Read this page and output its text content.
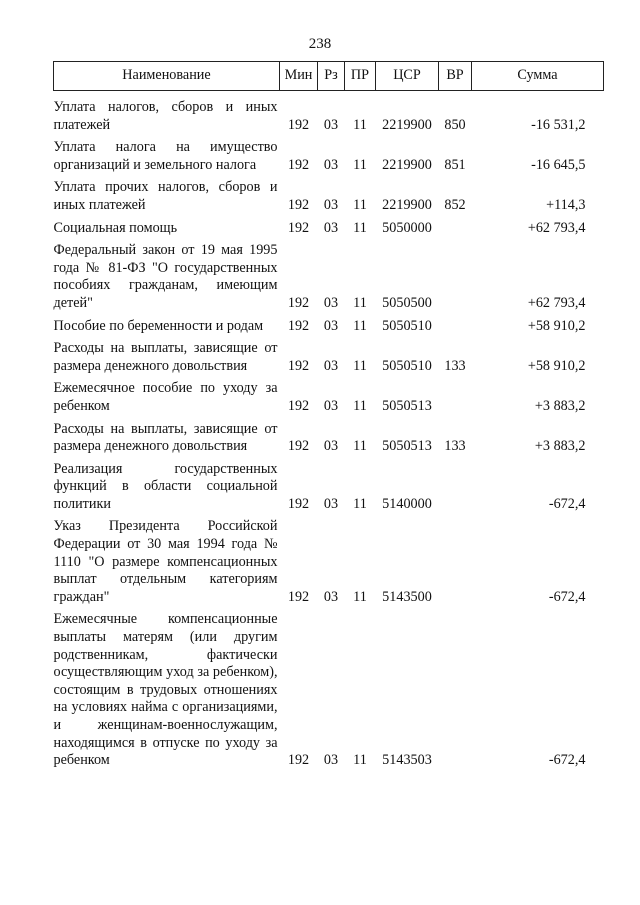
238
Наименование	Мин	Рз	ПР	ЦСР	ВР	Сумма
Уплата налогов, сборов и иных платежей	192	03	11	2219900	850	-16 531,2
Уплата налога на имущество организаций и земельного налога	192	03	11	2219900	851	-16 645,5
Уплата прочих налогов, сборов и иных платежей	192	03	11	2219900	852	+114,3
Социальная помощь	192	03	11	5050000		+62 793,4
Федеральный закон от 19 мая 1995 года № 81-ФЗ "О государственных пособиях гражданам, имеющим детей"	192	03	11	5050500		+62 793,4
Пособие по беременности и родам	192	03	11	5050510		+58 910,2
Расходы на выплаты, зависящие от размера денежного довольствия	192	03	11	5050510	133	+58 910,2
Ежемесячное пособие по уходу за ребенком	192	03	11	5050513		+3 883,2
Расходы на выплаты, зависящие от размера денежного довольствия	192	03	11	5050513	133	+3 883,2
Реализация государственных функций в области социальной политики	192	03	11	5140000		-672,4
Указ Президента Российской Федерации от 30 мая 1994 года № 1110 "О размере компенсационных выплат отдельным категориям граждан"	192	03	11	5143500		-672,4
Ежемесячные компенсационные выплаты матерям (или другим родственникам, фактически осуществляющим уход за ребенком), состоящим в трудовых отношениях на условиях найма с организациями, и женщинам-военнослужащим, находящимся в отпуске по уходу за ребенком	192	03	11	5143503		-672,4
